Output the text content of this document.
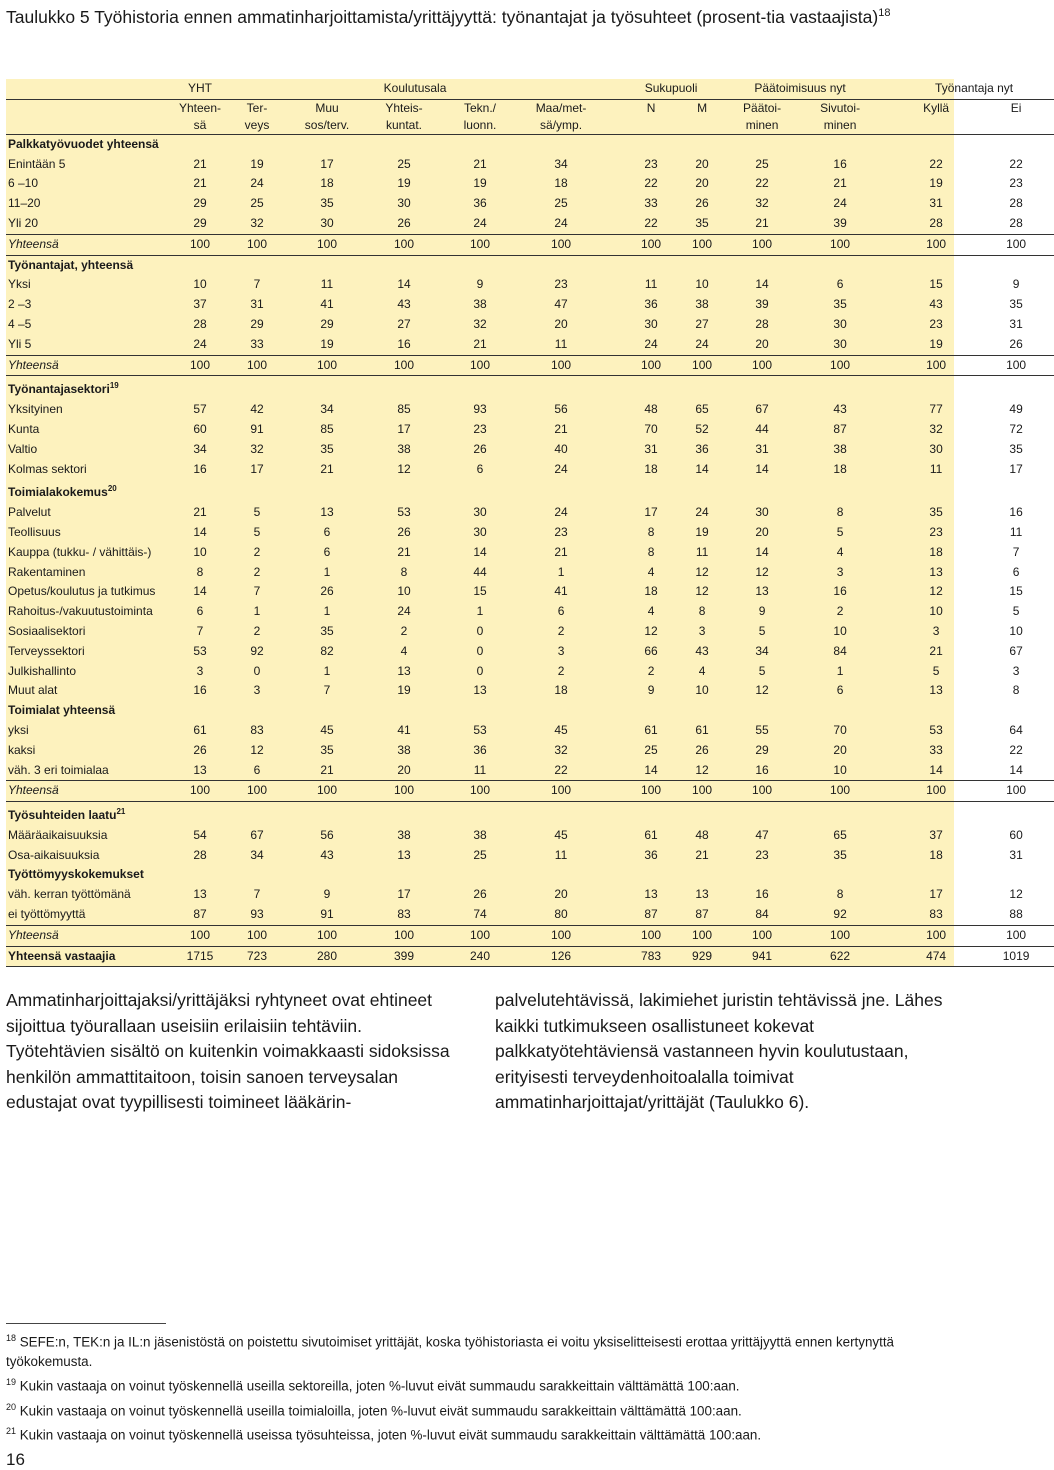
Taulukko 5 Työhistoria ennen ammatinharjoittamista/yrittäjyyttä: työnantajat ja työsuhteet (prosent-tia vastaajista)$^{18}$
	YHT	Koulutusala						Sukupuoli		Päätoimisuus nyt			Työnantaja nyt	
	Yhteen-	Ter-	Muu	Yhteis-	Tekn./	Maa/met-		N	M	Päätoi-	Sivutoi-		Kyllä	Ei
	sä	veys	sos/terv.	kuntat.	luonn.	sä/ymp.				minen	minen			
Palkkatyövuodet yhteensä														
Enintään 5	21	19	17	25	21	34		23	20	25	16		22	22
6 –10	21	24	18	19	19	18		22	20	22	21		19	23
11–20	29	25	35	30	36	25		33	26	32	24		31	28
Yli 20	29	32	30	26	24	24		22	35	21	39		28	28
Yhteensä	100	100	100	100	100	100		100	100	100	100		100	100
Työnantajat, yhteensä														
Yksi	10	7	11	14	9	23		11	10	14	6		15	9
2 –3	37	31	41	43	38	47		36	38	39	35		43	35
4 –5	28	29	29	27	32	20		30	27	28	30		23	31
Yli 5	24	33	19	16	21	11		24	24	20	30		19	26
Yhteensä	100	100	100	100	100	100		100	100	100	100		100	100
Työnantajasektori$^{19}$
Yksityinen	57	42	34	85	93	56		48	65	67	43		77	49
Kunta	60	91	85	17	23	21		70	52	44	87		32	72
Valtio	34	32	35	38	26	40		31	36	31	38		30	35
Kolmas sektori	16	17	21	12	6	24		18	14	14	18		11	17
Toimialakokemus$^{20}$
Palvelut	21	5	13	53	30	24		17	24	30	8		35	16
Teollisuus	14	5	6	26	30	23		8	19	20	5		23	11
Kauppa (tukku- / vähittäis-)	10	2	6	21	14	21		8	11	14	4		18	7
Rakentaminen	8	2	1	8	44	1		4	12	12	3		13	6
Opetus/koulutus ja tutkimus	14	7	26	10	15	41		18	12	13	16		12	15
Rahoitus-/vakuutustoiminta	6	1	1	24	1	6		4	8	9	2		10	5
Sosiaalisektori	7	2	35	2	0	2		12	3	5	10		3	10
Terveyssektori	53	92	82	4	0	3		66	43	34	84		21	67
Julkishallinto	3	0	1	13	0	2		2	4	5	1		5	3
Muut alat	16	3	7	19	13	18		9	10	12	6		13	8
Toimialat yhteensä														
yksi	61	83	45	41	53	45		61	61	55	70		53	64
kaksi	26	12	35	38	36	32		25	26	29	20		33	22
väh. 3 eri toimialaa	13	6	21	20	11	22		14	12	16	10		14	14
Yhteensä	100	100	100	100	100	100		100	100	100	100		100	100
Työsuhteiden laatu$^{21}$
Määräaikaisuuksia	54	67	56	38	38	45		61	48	47	65		37	60
Osa-aikaisuuksia	28	34	43	13	25	11		36	21	23	35		18	31
Työttömyyskokemukset														
väh. kerran työttömänä	13	7	9	17	26	20		13	13	16	8		17	12
ei työttömyyttä	87	93	91	83	74	80		87	87	84	92		83	88
Yhteensä	100	100	100	100	100	100		100	100	100	100		100	100
Yhteensä vastaajia	1715	723	280	399	240	126		783	929	941	622		474	1019
Ammatinharjoittajaksi/yrittäjäksi ryhtyneet ovat ehtineet sijoittua työurallaan useisiin erilaisiin tehtäviin. Työtehtävien sisältö on kuitenkin voimakkaasti sidoksissa henkilön ammattitaitoon, toisin sanoen terveysalan edustajat ovat tyypillisesti toimineet lääkärin-
palvelutehtävissä, lakimiehet juristin tehtävissä jne. Lähes kaikki tutkimukseen osallistuneet kokevat palkkatyötehtäviensä vastanneen hyvin koulutustaan, erityisesti terveydenhoitoalalla toimivat ammatinharjoittajat/yrittäjät (Taulukko 6).
$^{18}$ SEFE:n, TEK:n ja IL:n jäsenistöstä on poistettu sivutoimiset yrittäjät, koska työhistoriasta ei voitu yksiselitteisesti erottaa yrittäjyyttä ennen kertynyttä työkokemusta.
$^{19}$ Kukin vastaaja on voinut työskennellä useilla sektoreilla, joten %-luvut eivät summaudu sarakkeittain välttämättä 100:aan.
$^{20}$ Kukin vastaaja on voinut työskennellä useilla toimialoilla, joten %-luvut eivät summaudu sarakkeittain välttämättä 100:aan.
$^{21}$ Kukin vastaaja on voinut työskennellä useissa työsuhteissa, joten %-luvut eivät summaudu sarakkeittain välttämättä 100:aan.
16
